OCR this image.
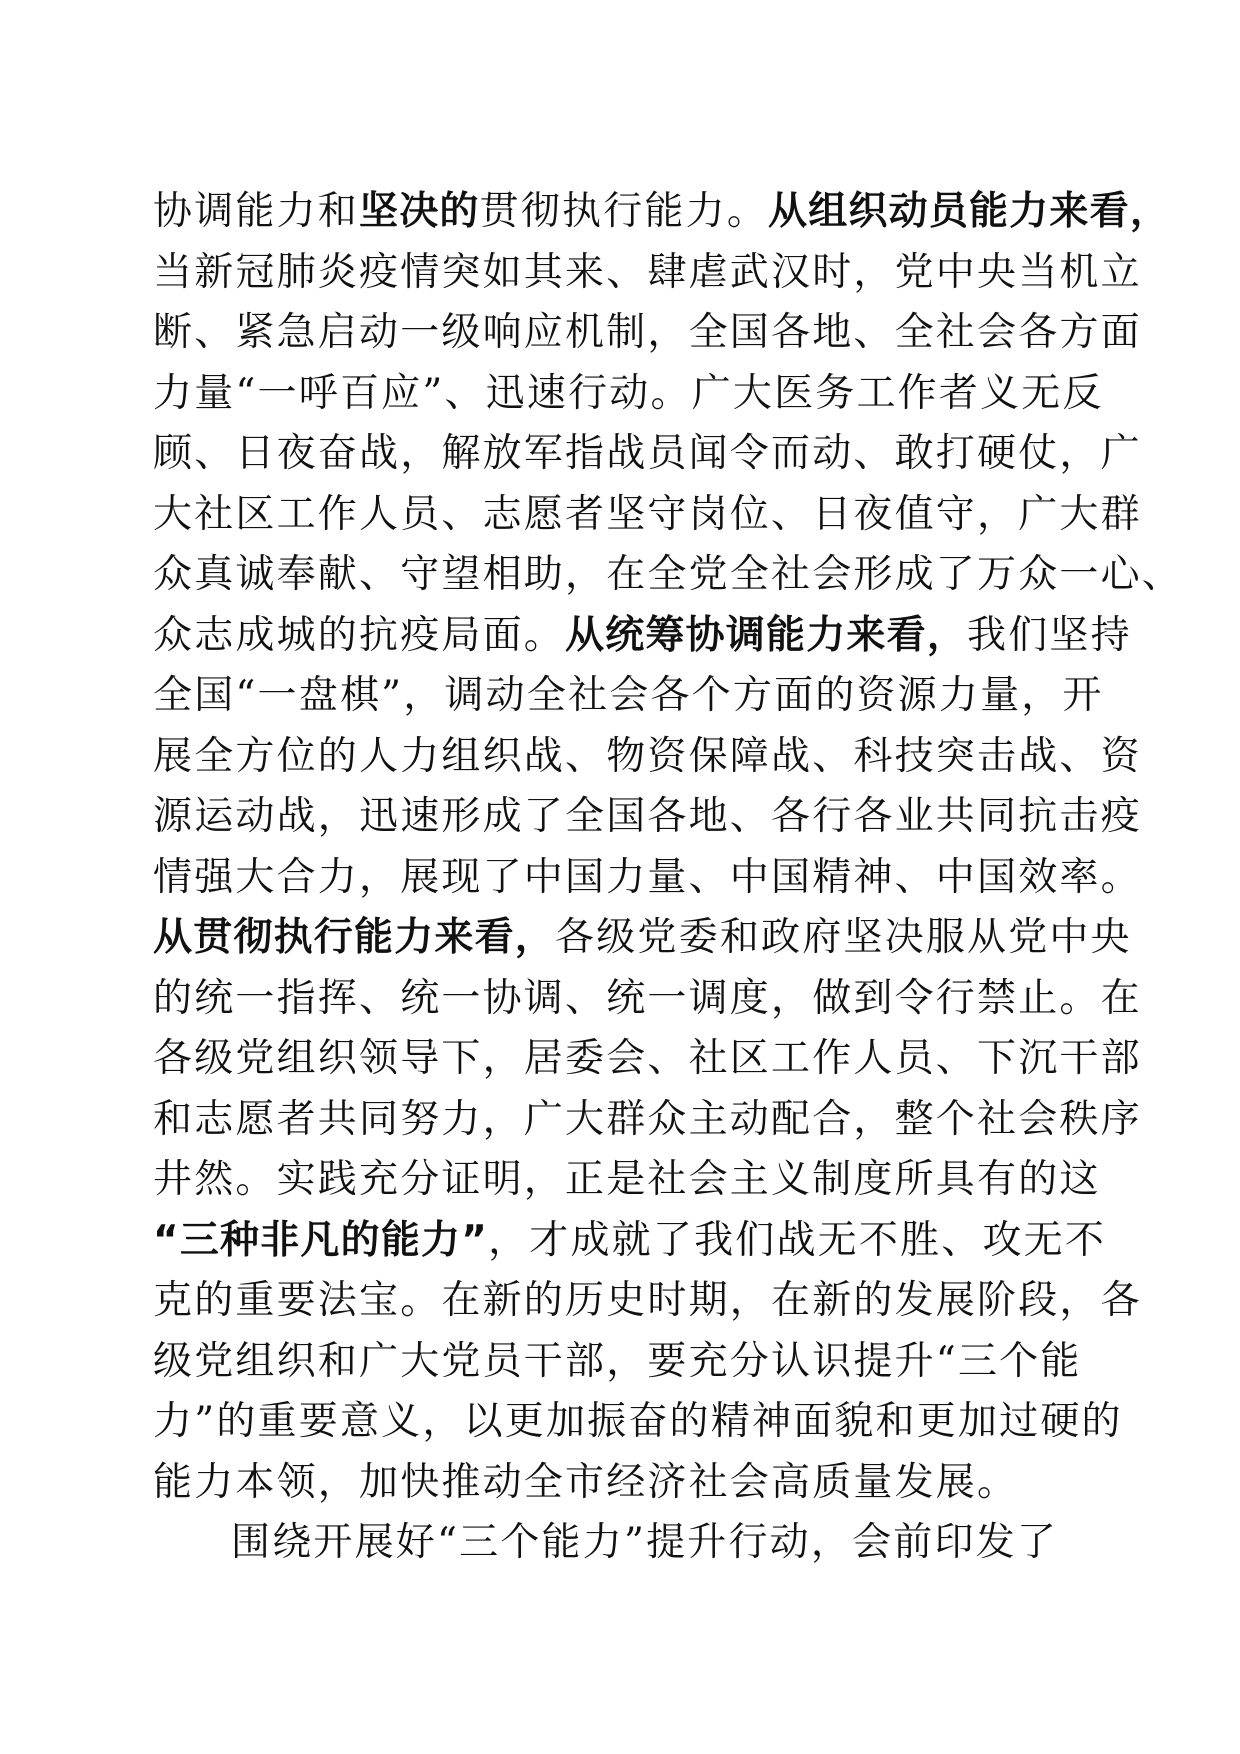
协调能力和坚决的贯彻执行能力。从组织动员能力来看，
当新冠肺炎疫情突如其来、肆虐武汉时，党中央当机立
断、紧急启动一级响应机制，全国各地、全社会各方面
力量“一呼百应”、迅速行动。广大医务工作者义无反
顾、日夜奋战，解放军指战员闻令而动、敢打硬仗，广
大社区工作人员、志愿者坚守岗位、日夜值守，广大群
众真诚奉献、守望相助，在全党全社会形成了万众一心、
众志成城的抗疫局面。从统筹协调能力来看，我们坚持
全国“一盘棋”，调动全社会各个方面的资源力量，开
展全方位的人力组织战、物资保障战、科技突击战、资
源运动战，迅速形成了全国各地、各行各业共同抗击疫
情强大合力，展现了中国力量、中国精神、中国效率。
从贯彻执行能力来看，各级党委和政府坚决服从党中央
的统一指挥、统一协调、统一调度，做到令行禁止。在
各级党组织领导下，居委会、社区工作人员、下沉干部
和志愿者共同努力，广大群众主动配合，整个社会秩序
井然。实践充分证明，正是社会主义制度所具有的这
“三种非凡的能力”，才成就了我们战无不胜、攻无不
克的重要法宝。在新的历史时期，在新的发展阶段，各
级党组织和广大党员干部，要充分认识提升“三个能
力”的重要意义，以更加振奋的精神面貌和更加过硬的
能力本领，加快推动全市经济社会高质量发展。
围绕开展好“三个能力”提升行动，会前印发了
